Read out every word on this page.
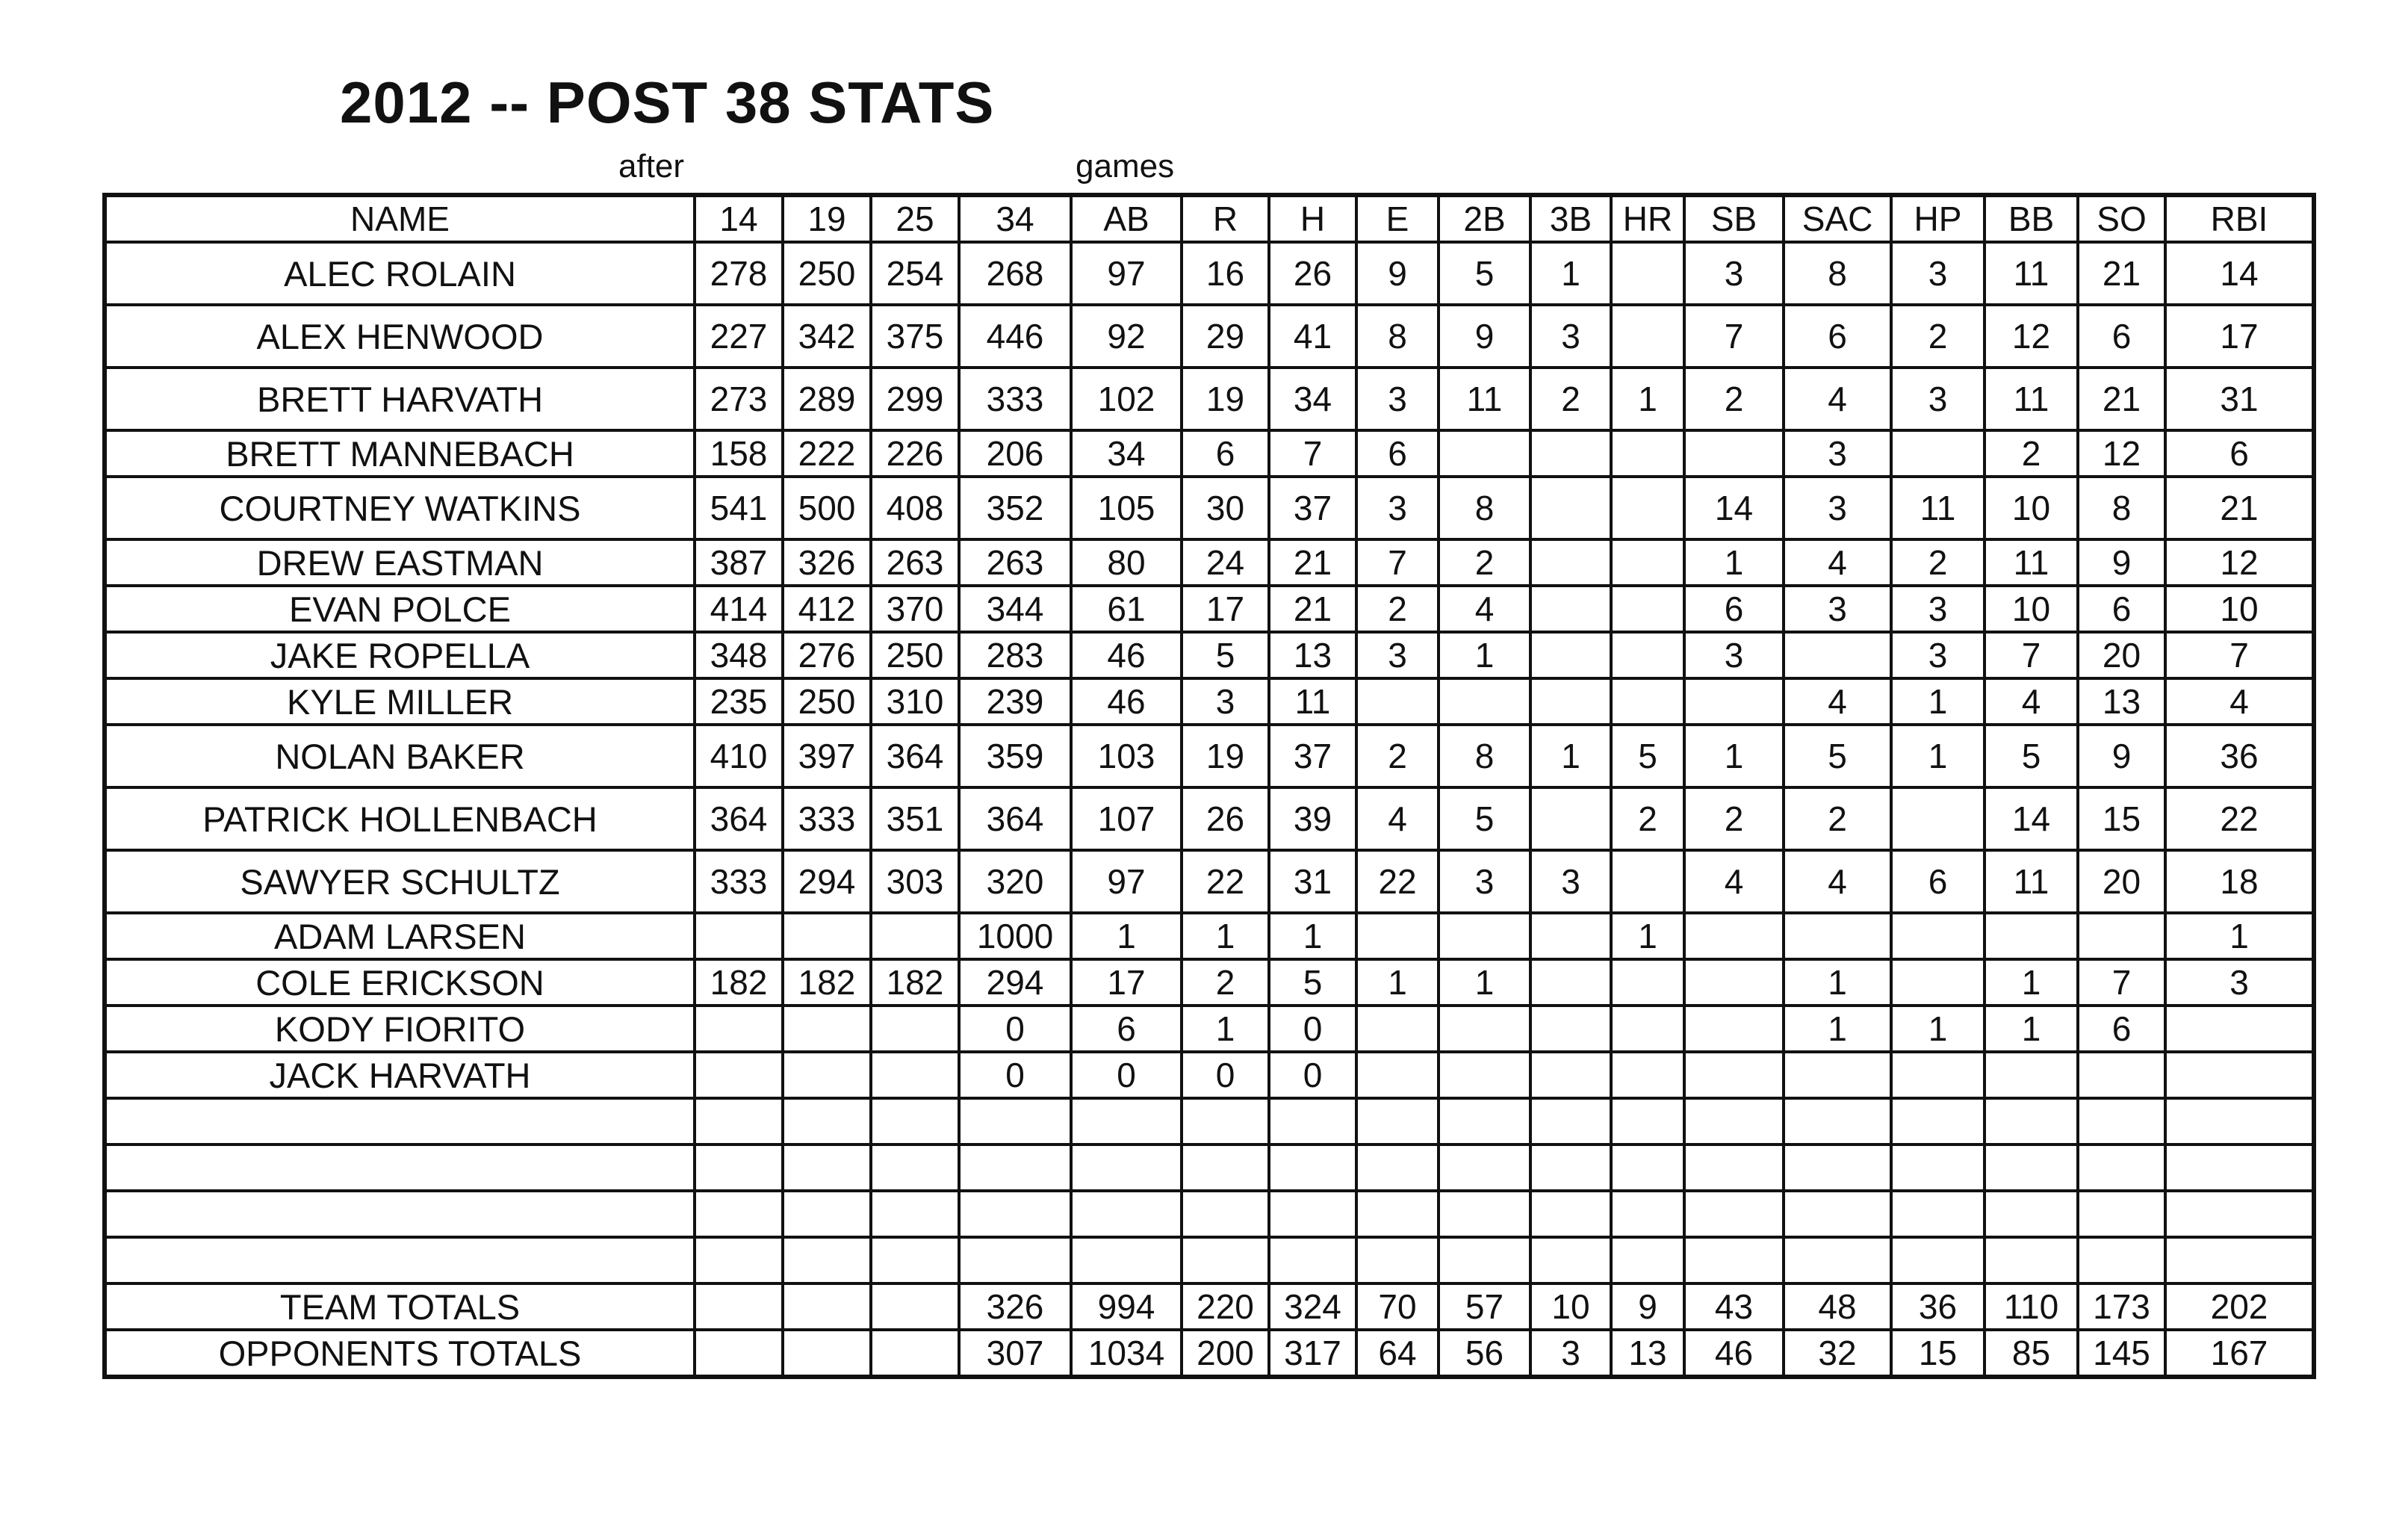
2012 -- POST 38 STATS
after	games
NAME	14	19	25	34	AB	R	H	E	2B	3B	HR	SB	SAC	HP	BB	SO	RBI
ALEC ROLAIN	278	250	254	268	97	16	26	9	5	1		3	8	3	11	21	14
ALEX HENWOOD	227	342	375	446	92	29	41	8	9	3		7	6	2	12	6	17
BRETT HARVATH	273	289	299	333	102	19	34	3	11	2	1	2	4	3	11	21	31
BRETT MANNEBACH	158	222	226	206	34	6	7	6					3		2	12	6
COURTNEY WATKINS	541	500	408	352	105	30	37	3	8			14	3	11	10	8	21
DREW EASTMAN	387	326	263	263	80	24	21	7	2			1	4	2	11	9	12
EVAN POLCE	414	412	370	344	61	17	21	2	4			6	3	3	10	6	10
JAKE ROPELLA	348	276	250	283	46	5	13	3	1			3		3	7	20	7
KYLE MILLER	235	250	310	239	46	3	11						4	1	4	13	4
NOLAN BAKER	410	397	364	359	103	19	37	2	8	1	5	1	5	1	5	9	36
PATRICK HOLLENBACH	364	333	351	364	107	26	39	4	5		2	2	2		14	15	22
SAWYER SCHULTZ	333	294	303	320	97	22	31	22	3	3		4	4	6	11	20	18
ADAM LARSEN				1000	1	1	1				1						1
COLE ERICKSON	182	182	182	294	17	2	5	1	1				1		1	7	3
KODY FIORITO				0	6	1	0						1	1	1	6	
JACK HARVATH				0	0	0	0										

TEAM TOTALS				326	994	220	324	70	57	10	9	43	48	36	110	173	202
OPPONENTS TOTALS				307	1034	200	317	64	56	3	13	46	32	15	85	145	167
